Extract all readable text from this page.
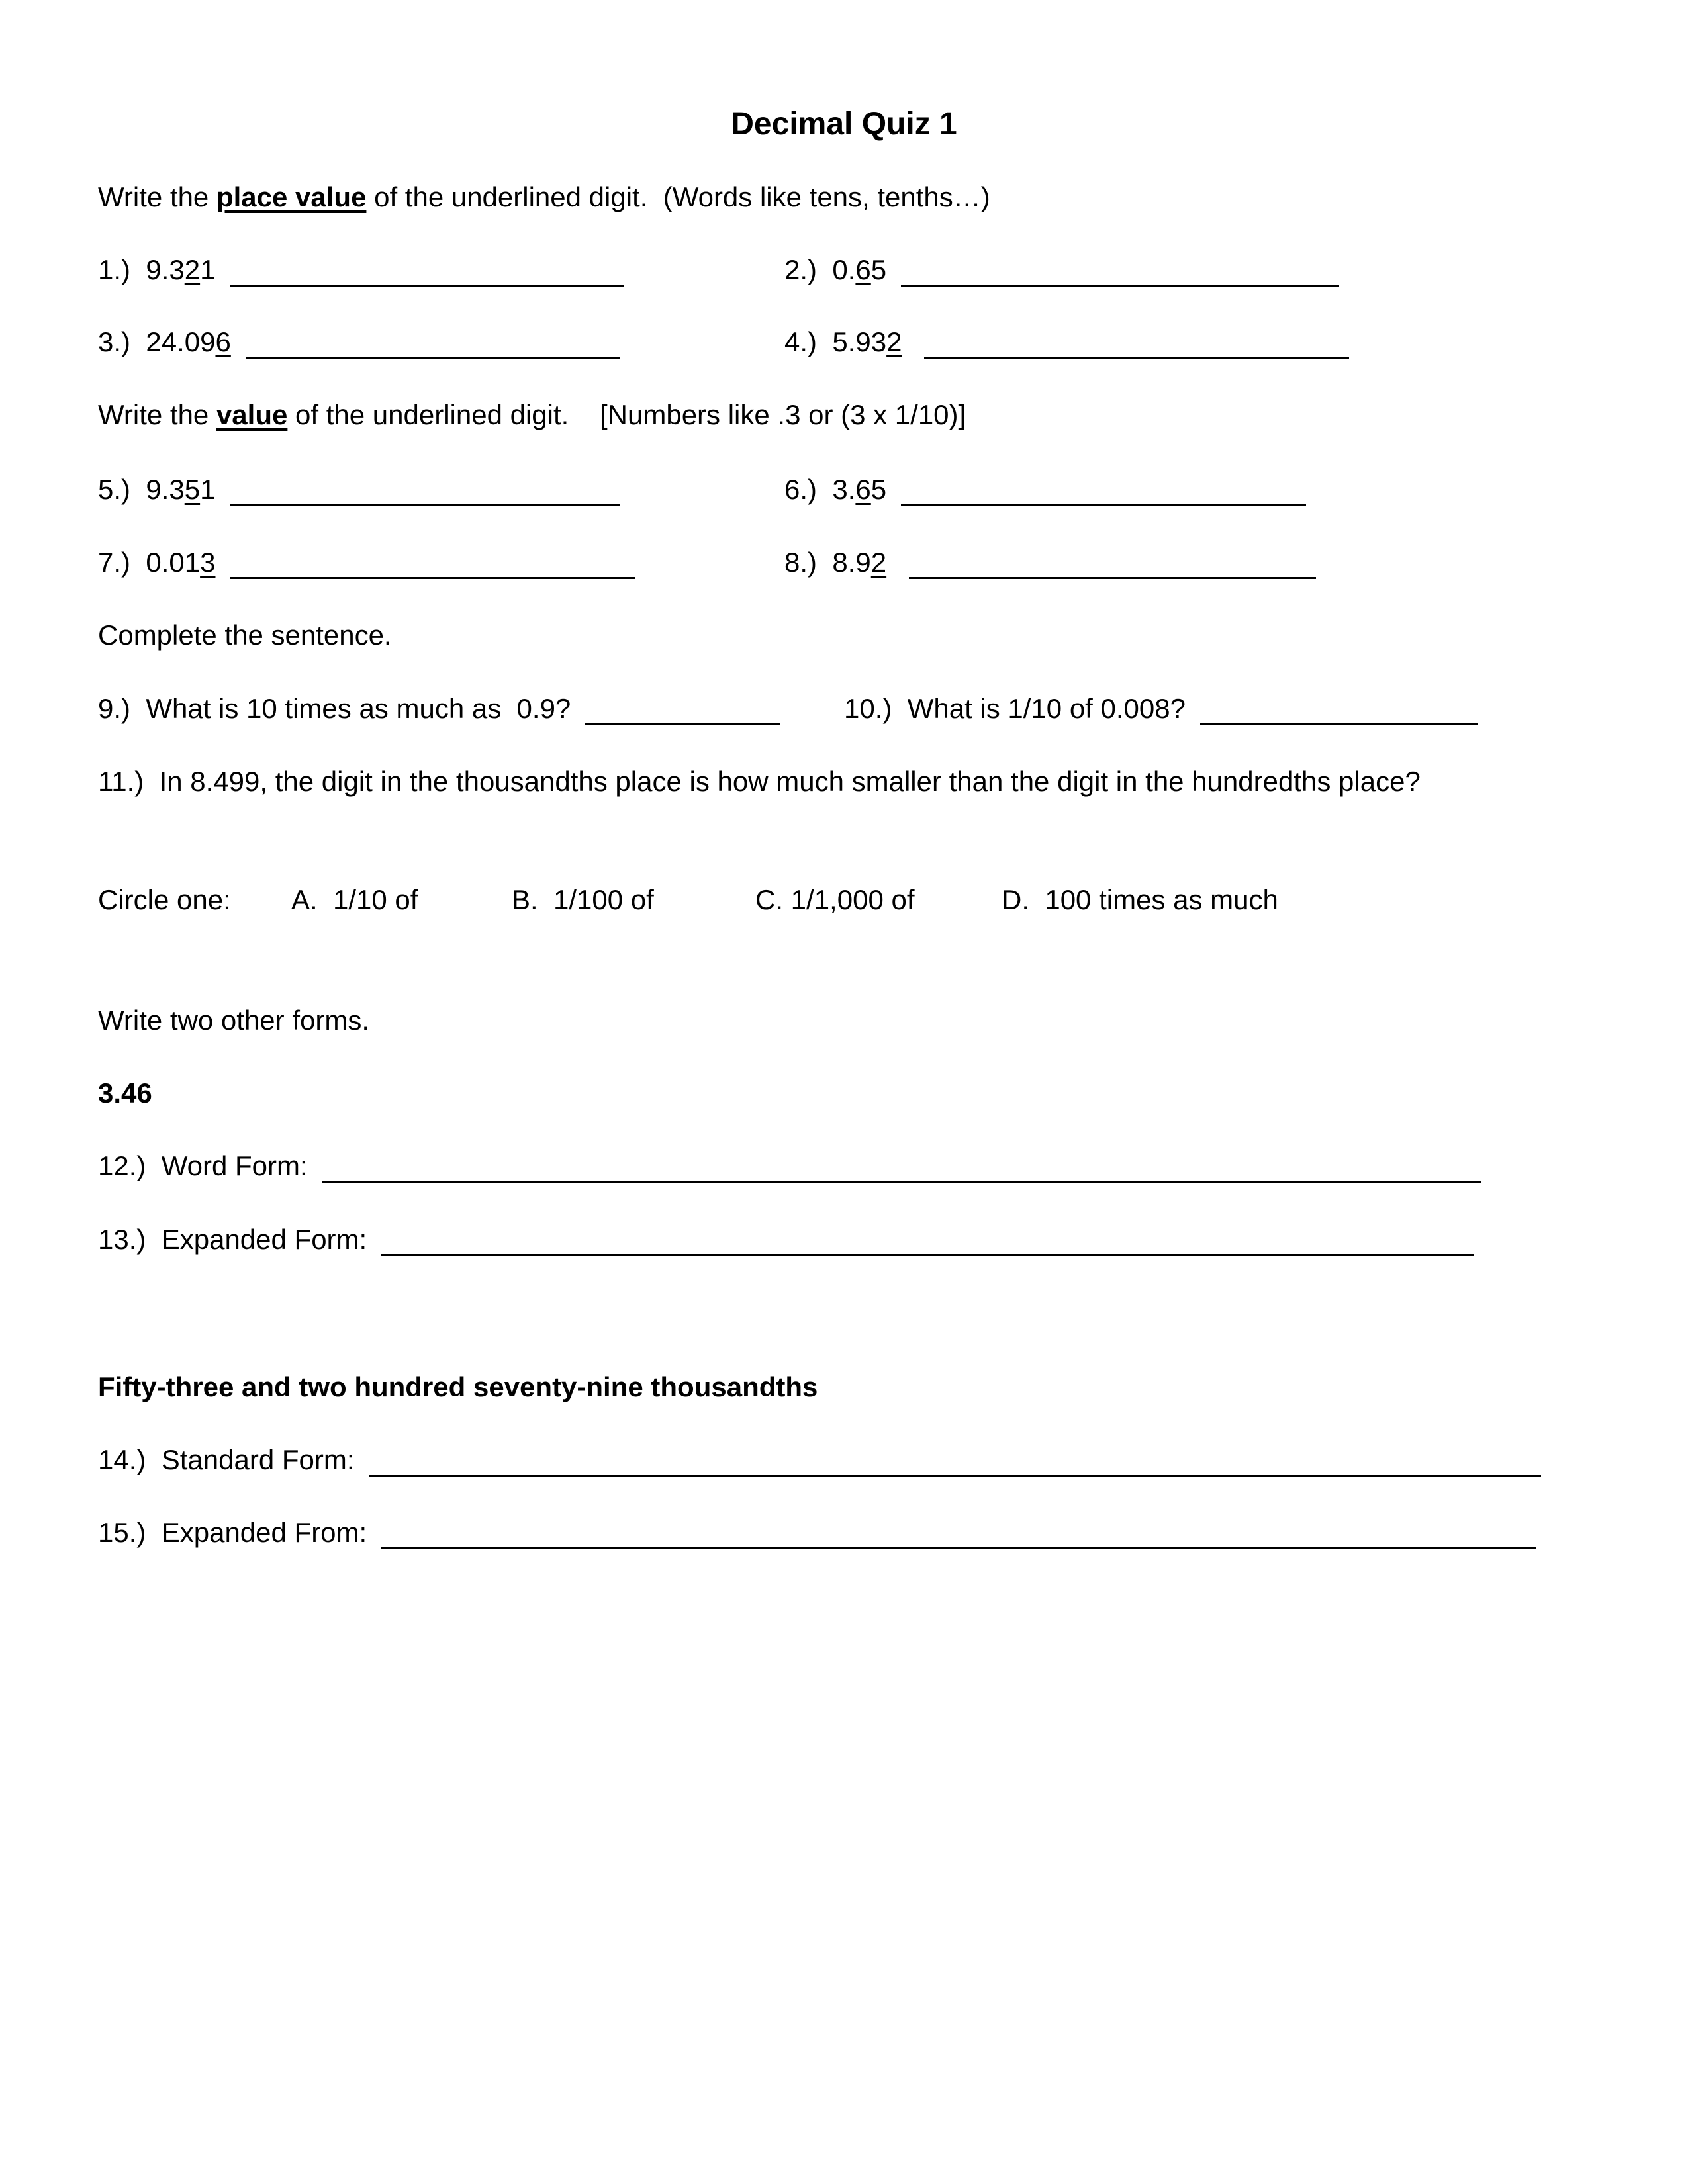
Decimal Quiz 1
Write the place value of the underlined digit.  (Words like tens, tenths…)
1.) 9.3 2 1	2.) 0. 6 5
3.) 24.09 6	4.) 5.93 2
Write the value of the underlined digit.    [Numbers like .3 or (3 x 1/10)]
5.) 9.3 5 1	6.) 3. 6 5
7.) 0.01 3	8.) 8.9 2
Complete the sentence.
9.)  What is 10 times as much as  0.9?	10.)  What is 1/10 of 0.008?
11.)  In 8.499, the digit in the thousandths place is how much smaller than the digit in the hundredths place?
Circle one: A.  1/10 of	B.  1/100 of	C. 1/1,000 of	D.  100 times as much
Write two other forms.
3.46
12.)  Word Form:
13.)  Expanded Form:
Fifty-three and two hundred seventy-nine thousandths
14.)  Standard Form:
15.)  Expanded From:
